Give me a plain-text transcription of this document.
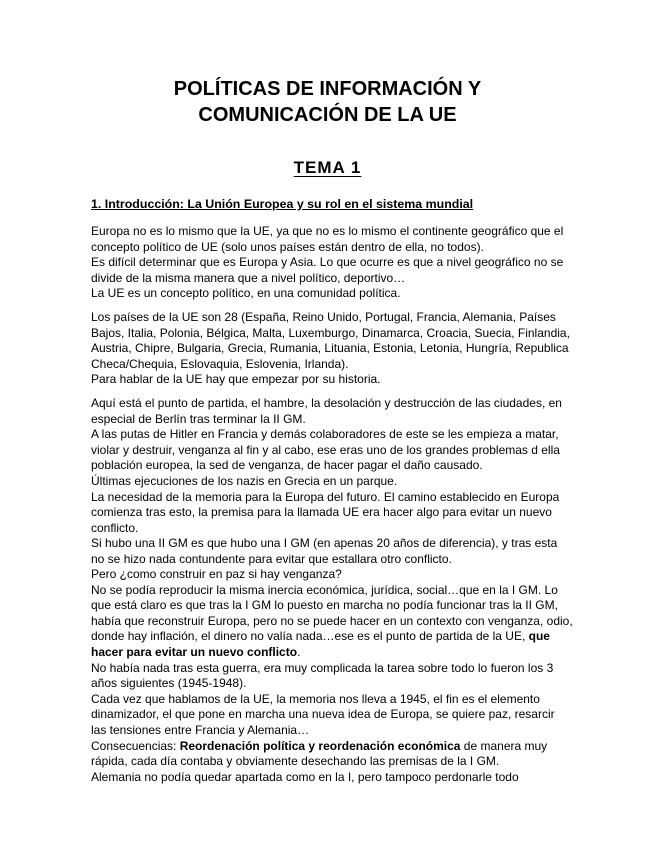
POLÍTICAS DE INFORMACIÓN Y
COMUNICACIÓN DE LA UE
TEMA 1
1. Introducción: La Unión Europea y su rol en el sistema mundial
Europa no es lo mismo que la UE, ya que no es lo mismo el continente geográfico que el
concepto político de UE (solo unos países están dentro de ella, no todos).
Es difícil determinar que es Europa y Asia. Lo que ocurre es que a nivel geográfico no se
divide de la misma manera que a nivel político, deportivo…
La UE es un concepto político, en una comunidad política.
Los países de la UE son 28 (España, Reino Unido, Portugal, Francia, Alemania, Países
Bajos, Italia, Polonia, Bélgica, Malta, Luxemburgo, Dinamarca, Croacia, Suecia, Finlandia,
Austria, Chipre, Bulgaria, Grecia, Rumania, Lituania, Estonia, Letonia, Hungría, Republica
Checa/Chequia, Eslovaquia, Eslovenia, Irlanda).
Para hablar de la UE hay que empezar por su historia.
Aquí está el punto de partida, el hambre, la desolación y destrucción de las ciudades, en
especial de Berlín tras terminar la II GM.
A las putas de Hitler en Francia y demás colaboradores de este se les empieza a matar,
violar y destruir, venganza al fin y al cabo, ese eras uno de los grandes problemas d ella
población europea, la sed de venganza, de hacer pagar el daño causado.
Últimas ejecuciones de los nazis en Grecia en un parque.
La necesidad de la memoria para la Europa del futuro. El camino establecido en Europa
comienza tras esto, la premisa para la llamada UE era hacer algo para evitar un nuevo
conflicto.
Si hubo una II GM es que hubo una I GM (en apenas 20 años de diferencia), y tras esta
no se hizo nada contundente para evitar que estallara otro conflicto.
Pero ¿como construir en paz si hay venganza?
No se podía reproducir la misma inercia económica, jurídica, social…que en la I GM. Lo
que está claro es que tras la I GM lo puesto en marcha no podía funcionar tras la II GM,
había que reconstruir Europa, pero no se puede hacer en un contexto con venganza, odio,
donde hay inflación, el dinero no valía nada…ese es el punto de partida de la UE, que
hacer para evitar un nuevo conflicto.
No había nada tras esta guerra, era muy complicada la tarea sobre todo lo fueron los 3
años siguientes (1945-1948).
Cada vez que hablamos de la UE, la memoria nos lleva a 1945, el fin es el elemento
dinamizador, el que pone en marcha una nueva idea de Europa, se quiere paz, resarcir
las tensiones entre Francia y Alemania…
Consecuencias: Reordenación política y reordenación económica de manera muy
rápida, cada día contaba y obviamente desechando las premisas de la I GM.
Alemania no podía quedar apartada como en la I, pero tampoco perdonarle todo
